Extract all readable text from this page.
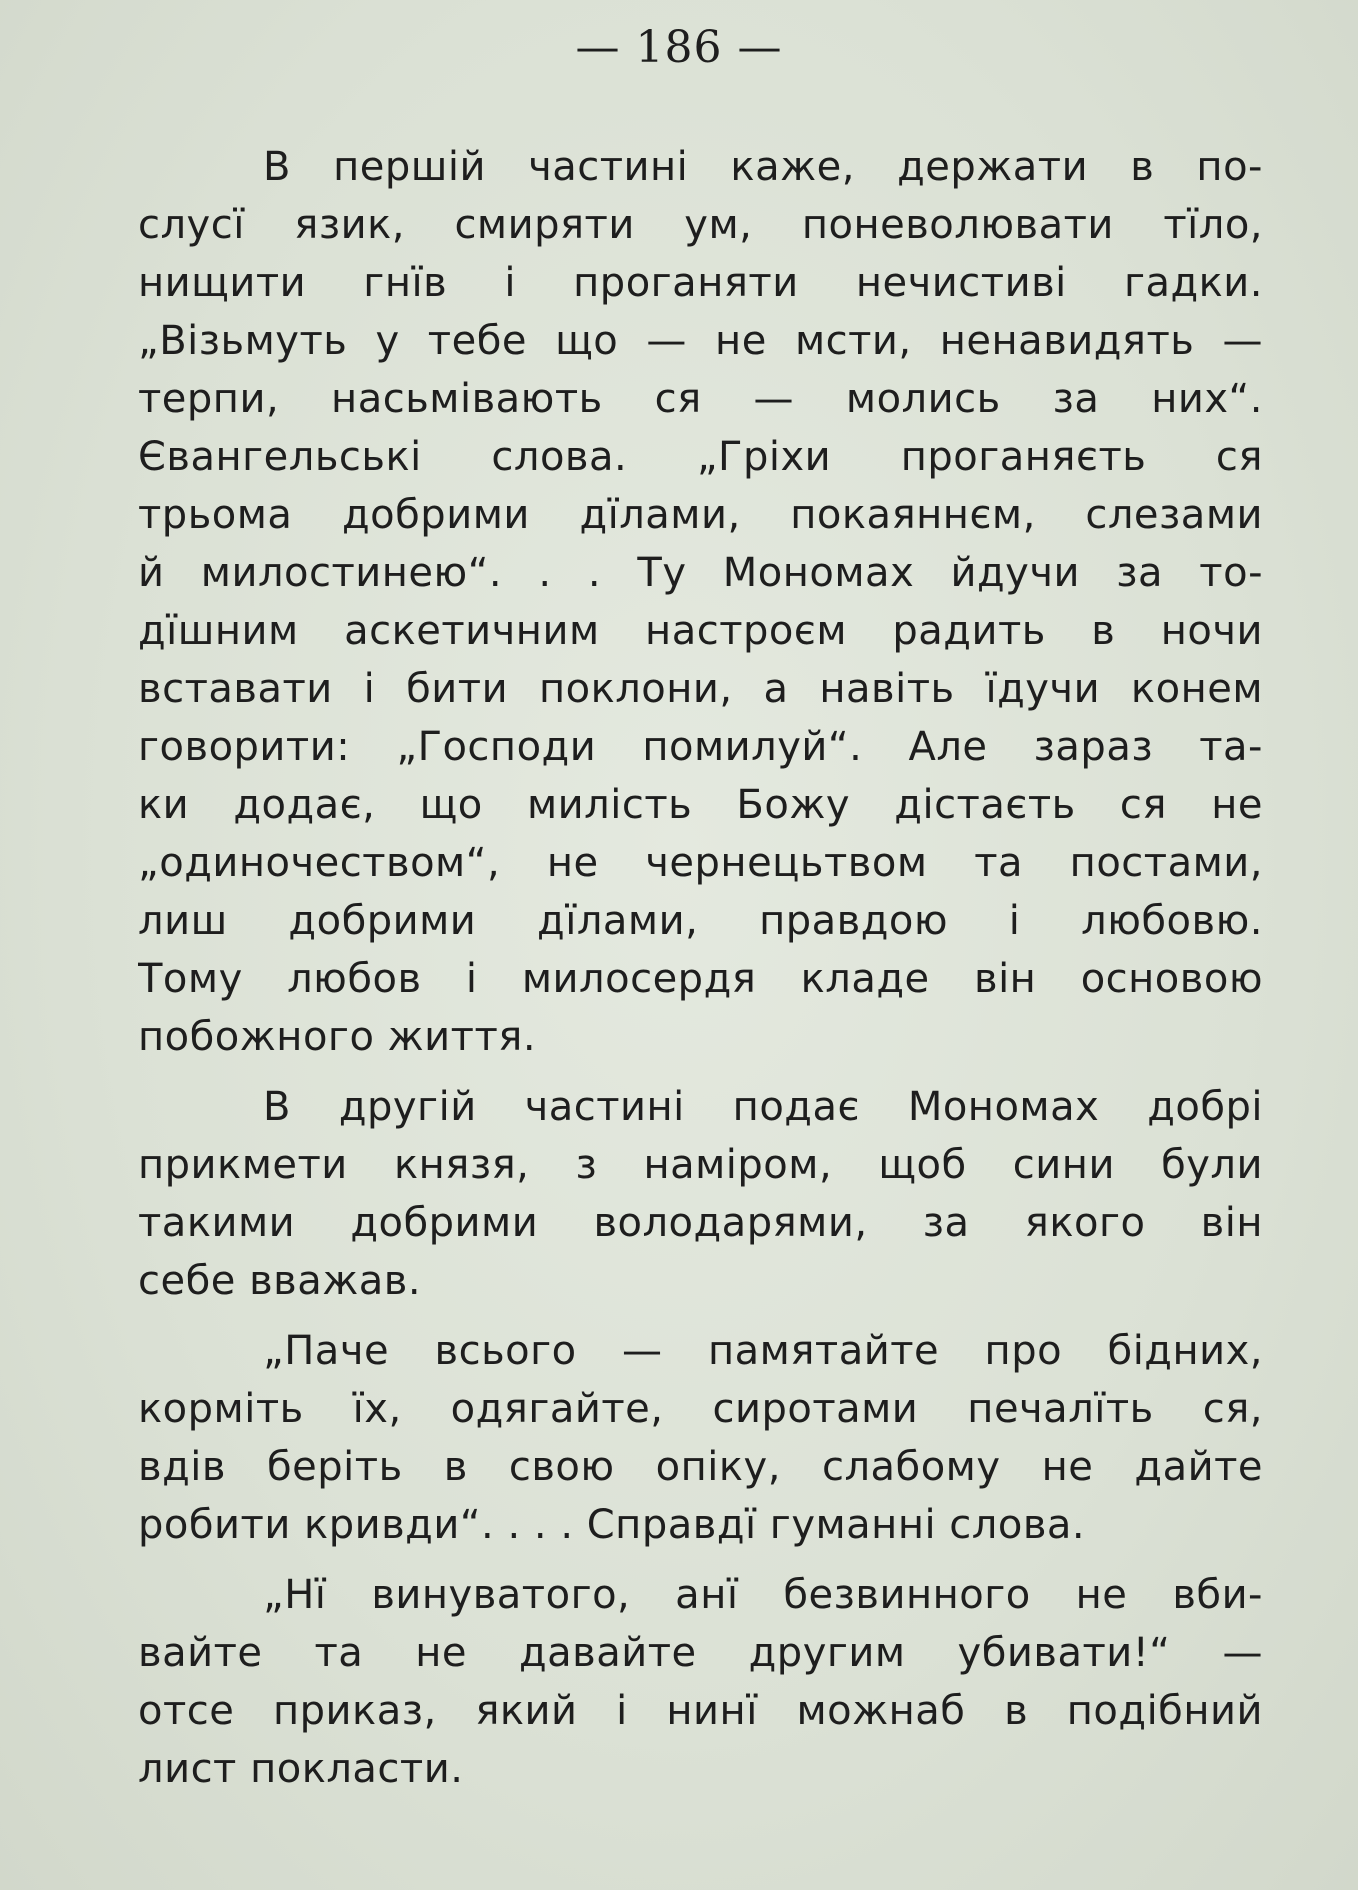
— 186 —
В першій частині каже, держати в по-
слусї язик, смиряти ум, поневолювати тїло,
нищити гнїв і проганяти нечистиві гадки.
„Візьмуть у тебе що — не мсти, ненавидять —
терпи, насьмівають ся — молись за них“.
Євангельські слова. „Гріхи проганяєть ся
трьома добрими дїлами, покаяннєм, слезами
й милостинею“. . . Ту Мономах йдучи за то-
дїшним аскетичним настроєм радить в ночи
вставати і бити поклони, а навіть їдучи конем
говорити: „Господи помилуй“. Але зараз та-
ки додає, що милість Божу дістаєть ся не
„одиночеством“, не чернецьтвом та постами,
лиш добрими дїлами, правдою і любовю.
Тому любов і милосердя кладе він основою
побожного життя.
В другій частині подає Мономах добрі
прикмети князя, з наміром, щоб сини були
такими добрими володарями, за якого він
себе вважав.
„Паче всього — памятайте про бідних,
корміть їх, одягайте, сиротами печалїть ся,
вдів беріть в свою опіку, слабому не дайте
робити кривди“. . . . Справдї гуманні слова.
„Нї винуватого, анї безвинного не вби-
вайте та не давайте другим убивати!“ —
отсе приказ, який і нинї можнаб в подібний
лист покласти.
